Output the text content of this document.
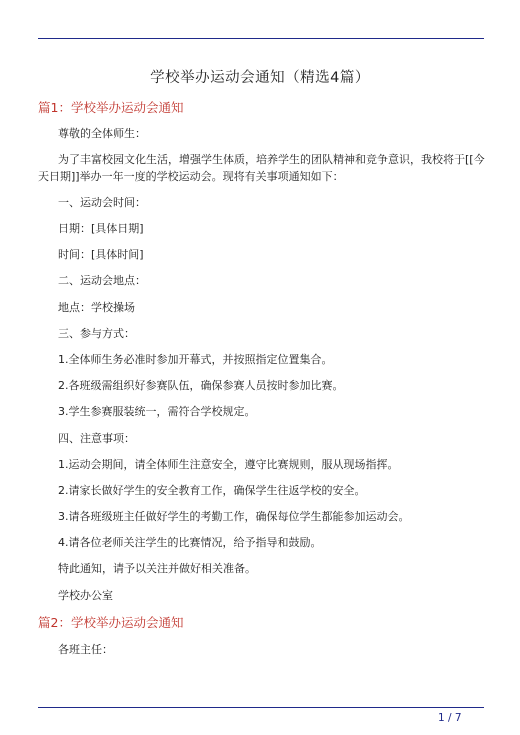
学校举办运动会通知（精选4篇）
篇1：学校举办运动会通知
尊敬的全体师生：
为了丰富校园文化生活，增强学生体质，培养学生的团队精神和竞争意识，我校将于[[今天日期]]举办一年一度的学校运动会。现将有关事项通知如下：
一、运动会时间：
日期：[具体日期]
时间：[具体时间]
二、运动会地点：
地点：学校操场
三、参与方式：
1.全体师生务必准时参加开幕式，并按照指定位置集合。
2.各班级需组织好参赛队伍，确保参赛人员按时参加比赛。
3.学生参赛服装统一，需符合学校规定。
四、注意事项：
1.运动会期间，请全体师生注意安全，遵守比赛规则，服从现场指挥。
2.请家长做好学生的安全教育工作，确保学生往返学校的安全。
3.请各班级班主任做好学生的考勤工作，确保每位学生都能参加运动会。
4.请各位老师关注学生的比赛情况，给予指导和鼓励。
特此通知，请予以关注并做好相关准备。
学校办公室
篇2：学校举办运动会通知
各班主任：
1 / 7
